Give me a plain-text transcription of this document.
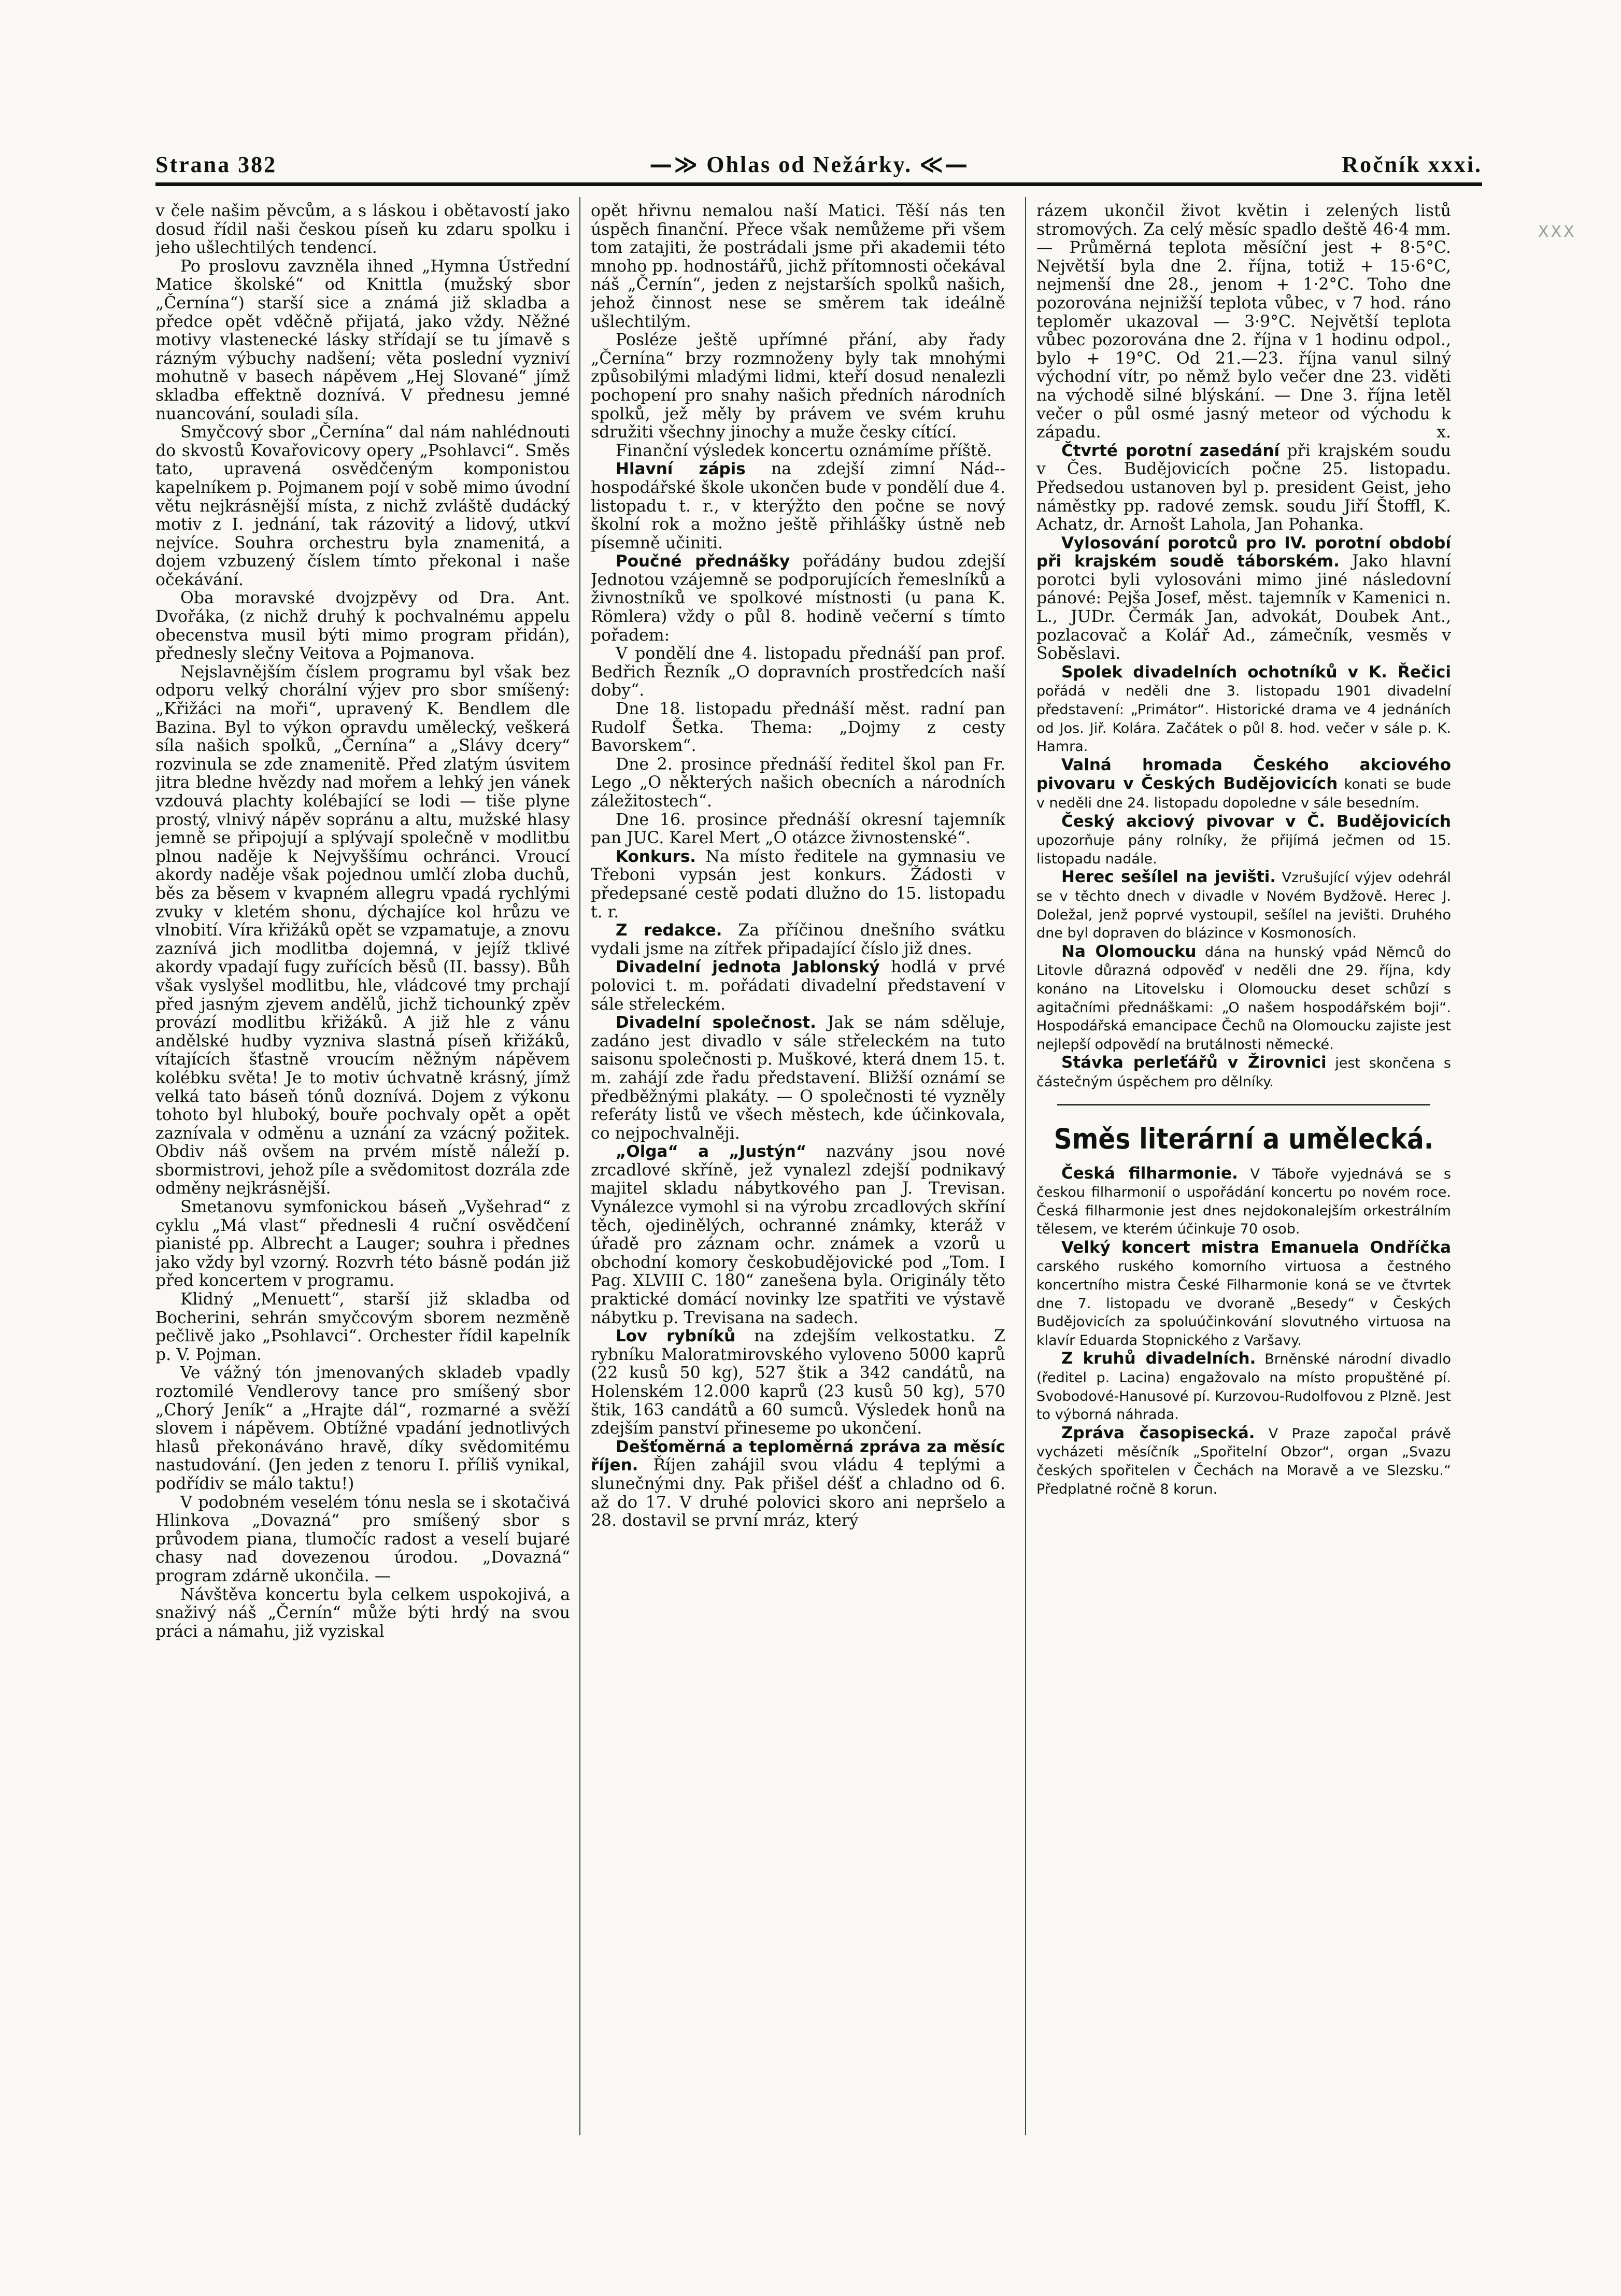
Strana 382	—≫ Ohlas od Nežárky. ≪—	Ročník xxxi.
XXX

v čele našim pěvcům, a s láskou i obětavostí jako dosud řídil naši českou píseň ku zdaru spolku i jeho ušlechtilých tendencí.

Po proslovu zavzněla ihned „Hymna Ústřední Matice školské“ od Knittla (mužský sbor „Černína“) starší sice a známá již skladba a předce opět vděčně přijatá, jako vždy. Něžné motivy vlastenecké lásky střídají se tu jímavě s rázným výbuchy nadšení; věta poslední vyzniví mohutně v basech nápěvem „Hej Slované“ jímž skladba effektně doznívá. V přednesu jemné nuancování, souladi síla.

Smyčcový sbor „Černína“ dal nám nahlédnouti do skvostů Kovařovicovy opery „Psohlavci“. Směs tato, upravená osvědčeným komponistou kapelníkem p. Pojmanem pojí v sobě mimo úvodní větu nejkrásnější místa, z nichž zvláště dudácký motiv z I. jednání, tak rázovitý a lidový, utkví nejvíce. Souhra orchestru byla znamenitá, a dojem vzbuzený číslem tímto překonal i naše očekávání.

Oba moravské dvojzpěvy od Dra. Ant. Dvořáka, (z nichž druhý k pochvalnému appelu obecenstva musil býti mimo program přidán), přednesly slečny Veitova a Pojmanova.

Nejslavnějším číslem programu byl však bez odporu velký chorální výjev pro sbor smíšený: „Křižáci na moři“, upravený K. Bendlem dle Bazina. Byl to výkon opravdu umělecký, veškerá síla našich spolků, „Černína“ a „Slávy dcery“ rozvinula se zde znamenitě. Před zlatým úsvitem jitra bledne hvězdy nad mořem a lehký jen vánek vzdouvá plachty kolébající se lodi — tiše plyne prostý, vlnivý nápěv sopránu a altu, mužské hlasy jemně se připojují a splývají společně v modlitbu plnou naděje k Nejvyššímu ochránci. Vroucí akordy naděje však pojednou umlčí zloba duchů, běs za běsem v kvapném allegru vpadá rychlými zvuky v kletém shonu, dýchajíce kol hrůzu ve vlnobití. Víra křižáků opět se vzpamatuje, a znovu zaznívá jich modlitba dojemná, v jejíž tklivé akordy vpadají fugy zuřících běsů (II. bassy). Bůh však vyslyšel modlitbu, hle, vládcové tmy prchají před jasným zjevem andělů, jichž tichounký zpěv provází modlitbu křižáků. A již hle z vánu andělské hudby vyzniva slastná píseň křižáků, vítajících šťastně vroucím něžným nápěvem kolébku světa! Je to motiv úchvatně krásný, jímž velká tato báseň tónů doznívá. Dojem z výkonu tohoto byl hluboký, bouře pochvaly opět a opět zaznívala v odměnu a uznání za vzácný požitek. Obdiv náš ovšem na prvém místě náleží p. sbormistrovi, jehož píle a svědomitost dozrála zde odměny nejkrásnější.

Smetanovu symfonickou báseň „Vyšehrad“ z cyklu „Má vlast“ přednesli 4 ruční osvědčení pianisté pp. Albrecht a Lauger; souhra i přednes jako vždy byl vzorný. Rozvrh této básně podán již před koncertem v programu.

Klidný „Menuett“, starší již skladba od Bocherini, sehrán smyčcovým sborem nezměně pečlivě jako „Psohlavci“. Orchester řídil kapelník p. V. Pojman.

Ve vážný tón jmenovaných skladeb vpadly roztomilé Vendlerovy tance pro smíšený sbor „Chorý Jeník“ a „Hrajte dál“, rozmarné a svěží slovem i nápěvem. Obtížné vpadání jednotlivých hlasů překonáváno hravě, díky svědomitému nastudování. (Jen jeden z tenoru I. příliš vynikal, podřídiv se málo taktu!)

V podobném veselém tónu nesla se i skotačivá Hlinkova „Dovazná“ pro smíšený sbor s průvodem piana, tlumočíc radost a veselí bujaré chasy nad dovezenou úrodou. „Dovazná“ program zdárně ukončila. —

Návštěva koncertu byla celkem uspokojivá, a snaživý náš „Černín“ může býti hrdý na svou práci a námahu, již vyziskal

opět hřivnu nemalou naší Matici. Těší nás ten úspěch finanční. Přece však nemůžeme při všem tom zatajiti, že postrádali jsme při akademii této mnoho pp. hodnostářů, jichž přítomnosti očekával náš „Černín“, jeden z nejstarších spolků našich, jehož činnost nese se směrem tak ideálně ušlechtilým.

Posléze ještě upřímné přání, aby řady „Černína“ brzy rozmnoženy byly tak mnohými způsobilými mladými lidmi, kteří dosud nenalezli pochopení pro snahy našich předních národních spolků, jež měly by právem ve svém kruhu sdružiti všechny jinochy a muže česky cítící.

Finanční výsledek koncertu oznámíme příště.
Nád--

Hlavní zápis na zdejší zimní hospodářské škole ukončen bude v pondělí due 4. listopadu t. r., v kterýžto den počne se nový školní rok a možno ještě přihlášky ústně neb písemně učiniti.

Poučné přednášky pořádány budou zdejší Jednotou vzájemně se podporujících řemeslníků a živnostníků ve spolkové místnosti (u pana K. Römlera) vždy o půl 8. hodině večerní s tímto pořadem:

V pondělí dne 4. listopadu přednáší pan prof. Bedřich Řezník „O dopravních prostředcích naší doby“.

Dne 18. listopadu přednáší měst. radní pan Rudolf Šetka. Thema: „Dojmy z cesty Bavorskem“.

Dne 2. prosince přednáší ředitel škol pan Fr. Lego „O některých našich obecních a národních záležitostech“.

Dne 16. prosince přednáší okresní tajemník pan JUC. Karel Mert „O otázce živnostenské“.

Konkurs. Na místo ředitele na gymnasiu ve Třeboni vypsán jest konkurs. Žádosti v předepsané cestě podati dlužno do 15. listopadu t. r.

Z redakce. Za příčinou dnešního svátku vydali jsme na zítřek připadající číslo již dnes.

Divadelní jednota Jablonský hodlá v prvé polovici t. m. pořádati divadelní představení v sále střeleckém.

Divadelní společnost. Jak se nám sděluje, zadáno jest divadlo v sále střeleckém na tuto saisonu společnosti p. Muškové, která dnem 15. t. m. zahájí zde řadu představení. Bližší oznámí se předběžnými plakáty. — O společnosti té vyzněly referáty listů ve všech městech, kde účinkovala, co nejpochvalněji.

„Olga“ a „Justýn“ nazvány jsou nové zrcadlové skříně, jež vynalezl zdejší podnikavý majitel skladu nábytkového pan J. Trevisan. Vynálezce vymohl si na výrobu zrcadlových skříní těch, ojedinělých, ochranné známky, kteráž v úřadě pro záznam ochr. známek a vzorů u obchodní komory českobudějovické pod „Tom. I Pag. XLVIII C. 180“ zanešena byla. Originály těto praktické domácí novinky lze spatřiti ve výstavě nábytku p. Trevisana na sadech.

Lov rybníků na zdejším velkostatku. Z rybníku Maloratmirovského vyloveno 5000 kaprů (22 kusů 50 kg), 527 štik a 342 candátů, na Holenském 12.000 kaprů (23 kusů 50 kg), 570 štik, 163 candátů a 60 sumců. Výsledek honů na zdejším panství přineseme po ukončení.

Dešťoměrná a teploměrná zpráva za měsíc říjen. Říjen zahájil svou vládu 4 teplými a slunečnými dny. Pak přišel déšť a chladno od 6. až do 17. V druhé polovici skoro ani nepršelo a 28. dostavil se první mráz, který

rázem ukončil život květin i zelených listů stromových. Za celý měsíc spadlo deště 46·4 mm. — Průměrná teplota měsíční jest + 8·5°C. Největší byla dne 2. října, totiž + 15·6°C, nejmenší dne 28., jenom + 1·2°C. Toho dne pozorována nejnižší teplota vůbec, v 7 hod. ráno teploměr ukazoval — 3·9°C. Největší teplota vůbec pozorována dne 2. října v 1 hodinu odpol., bylo + 19°C. Od 21.—23. října vanul silný východní vítr, po němž bylo večer dne 23. viděti na východě silné blýskání. — Dne 3. října letěl večer o půl osmé jasný meteor od východu k západu.	x.

Čtvrté porotní zasedání při krajském soudu v Čes. Budějovicích počne 25. listopadu. Předsedou ustanoven byl p. president Geist, jeho náměstky pp. radové zemsk. soudu Jiří Štoffl, K. Achatz, dr. Arnošt Lahola, Jan Pohanka.

Vylosování porotců pro IV. porotní období při krajském soudě táborském. Jako hlavní porotci byli vylosováni mimo jiné následovní pánové: Pejša Josef, měst. tajemník v Kamenici n. L., JUDr. Čermák Jan, advokát, Doubek Ant., pozlacovač a Kolář Ad., zámečník, vesměs v Soběslavi.

Spolek divadelních ochotníků v K. Řečici pořádá v neděli dne 3. listopadu 1901 divadelní představení: „Primátor“. Historické drama ve 4 jednáních od Jos. Jiř. Kolára. Začátek o půl 8. hod. večer v sále p. K. Hamra.

Valná hromada Českého akciového pivovaru v Českých Budějovicích konati se bude v neděli dne 24. listopadu dopoledne v sále besedním.

Český akciový pivovar v Č. Budějovicích upozorňuje pány rolníky, že přijímá ječmen od 15. listopadu nadále.

Herec sešílel na jevišti. Vzrušující výjev odehrál se v těchto dnech v divadle v Novém Bydžově. Herec J. Doležal, jenž poprvé vystoupil, sešílel na jevišti. Druhého dne byl dopraven do blázince v Kosmonosích.

Na Olomoucku dána na hunský vpád Němců do Litovle důrazná odpověď v neděli dne 29. října, kdy konáno na Litovelsku i Olomoucku deset schůzí s agitačními přednáškami: „O našem hospodářském boji“. Hospodářská emancipace Čechů na Olomoucku zajiste jest nejlepší odpovědí na brutálnosti německé.

Stávka perleťářů v Žirovnici jest skončena s částečným úspěchem pro dělníky.

Směs literární a umělecká.

Česká filharmonie. V Táboře vyjednává se s českou filharmonií o uspořádání koncertu po novém roce. Česká filharmonie jest dnes nejdokonalejším orkestrálním tělesem, ve kterém účinkuje 70 osob.

Velký koncert mistra Emanuela Ondříčka carského ruského komorního virtuosa a čestného koncertního mistra České Filharmonie koná se ve čtvrtek dne 7. listopadu ve dvoraně „Besedy“ v Českých Budějovicích za spoluúčinkování slovutného virtuosa na klavír Eduarda Stopnického z Varšavy.

Z kruhů divadelních. Brněnské národní divadlo (ředitel p. Lacina) engažovalo na místo propuštěné pí. Svobodové-Hanusové pí. Kurzovou-Rudolfovou z Plzně. Jest to výborná náhrada.

Zpráva časopisecká. V Praze započal právě vycházeti měsíčník „Spořitelní Obzor“, organ „Svazu českých spořitelen v Čechách na Moravě a ve Slezsku.“ Předplatné ročně 8 korun.
